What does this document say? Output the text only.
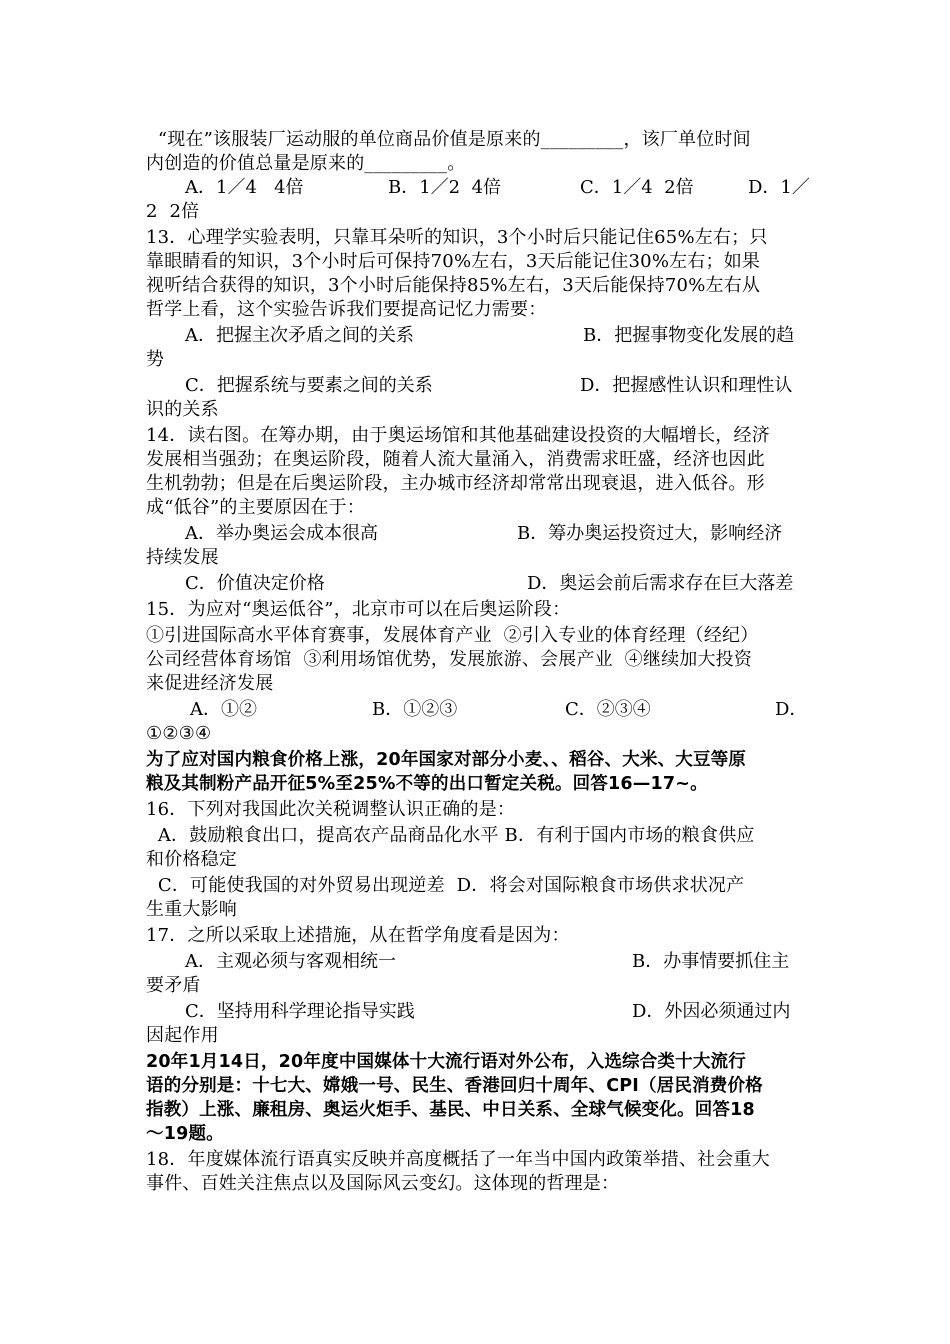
“现在”该服装厂运动服的单位商品价值是原来的_________，该厂单位时间
内创造的价值总量是原来的_________。
A．1／4   4倍	B．1／2  4倍	C．1／4  2倍	D．1／
2  2倍
13．心理学实验表明，只靠耳朵听的知识，3个小时后只能记住65%左右；只
靠眼睛看的知识，3个小时后可保持70%左右，3天后能记住30%左右；如果
视听结合获得的知识，3个小时后能保持85%左右，3天后能保持70%左右从
哲学上看，这个实验告诉我们要提高记忆力需要：
A．把握主次矛盾之间的关系	B．把握事物变化发展的趋
势
C．把握系统与要素之间的关系	D．把握感性认识和理性认
识的关系
14．读右图。在筹办期，由于奥运场馆和其他基础建设投资的大幅增长，经济
发展相当强劲；在奥运阶段，随着人流大量涌入，消费需求旺盛，经济也因此
生机勃勃；但是在后奥运阶段，主办城市经济却常常出现衰退，进入低谷。形
成“低谷”的主要原因在于：
A．举办奥运会成本很高	B．筹办奥运投资过大，影响经济
持续发展
C．价值决定价格	D．奥运会前后需求存在巨大落差
15．为应对“奥运低谷”，北京市可以在后奥运阶段：
①引进国际高水平体育赛事，发展体育产业  ②引入专业的体育经理（经纪）
公司经营体育场馆  ③利用场馆优势，发展旅游、会展产业  ④继续加大投资
来促进经济发展
A．①②	B．①②③	C．②③④	D．
①②③④
为了应对国内粮食价格上涨，20年国家对部分小麦、、稻谷、大米、大豆等原
粮及其制粉产品开征5%至25%不等的出口暂定关税。回答16—17~。
16．下列对我国此次关税调整认识正确的是：
A．鼓励粮食出口，提高农产品商品化水平 B．有利于国内市场的粮食供应
和价格稳定
C．可能使我国的对外贸易出现逆差  D．将会对国际粮食市场供求状况产
生重大影响
17．之所以采取上述措施，从在哲学角度看是因为：
A．主观必须与客观相统一	B．办事情要抓住主
要矛盾
C．坚持用科学理论指导实践	D．外因必须通过内
因起作用
20年1月14日，20年度中国媒体十大流行语对外公布，入选综合类十大流行
语的分别是：十七大、嫦娥一号、民生、香港回归十周年、CPI（居民消费价格
指教）上涨、廉租房、奥运火炬手、基民、中日关系、全球气候变化。回答18
～19题。
18．年度媒体流行语真实反映并高度概括了一年当中国内政策举措、社会重大
事件、百姓关注焦点以及国际风云变幻。这体现的哲理是：
